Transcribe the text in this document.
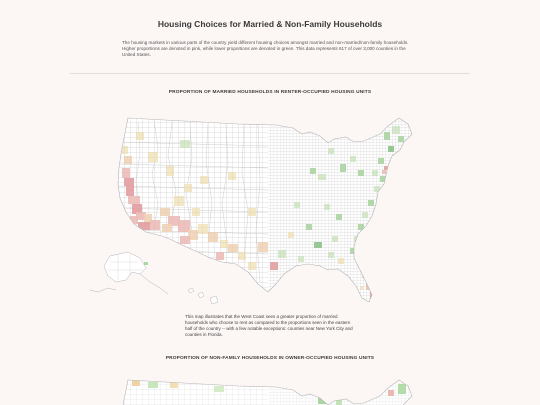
Housing Choices for Married & Non-Family Households
The housing markets in various parts of the country yield different housing choices amongst married and non-married/non-family households. Higher proportions are denoted in pink, while lower proportions are denoted in green. This data represents 617 of over 3,000 counties in the United States.
PROPORTION OF MARRIED HOUSEHOLDS IN RENTER-OCCUPIED HOUSING UNITS
This map illustrates that the West Coast sees a greater proportion of married households who choose to rent as compared to the proportions seen in the eastern half of the country -- with a few notable exceptions: counties near New York City and counties in Florida.
PROPORTION OF NON-FAMILY HOUSEHOLDS IN OWNER-OCCUPIED HOUSING UNITS
